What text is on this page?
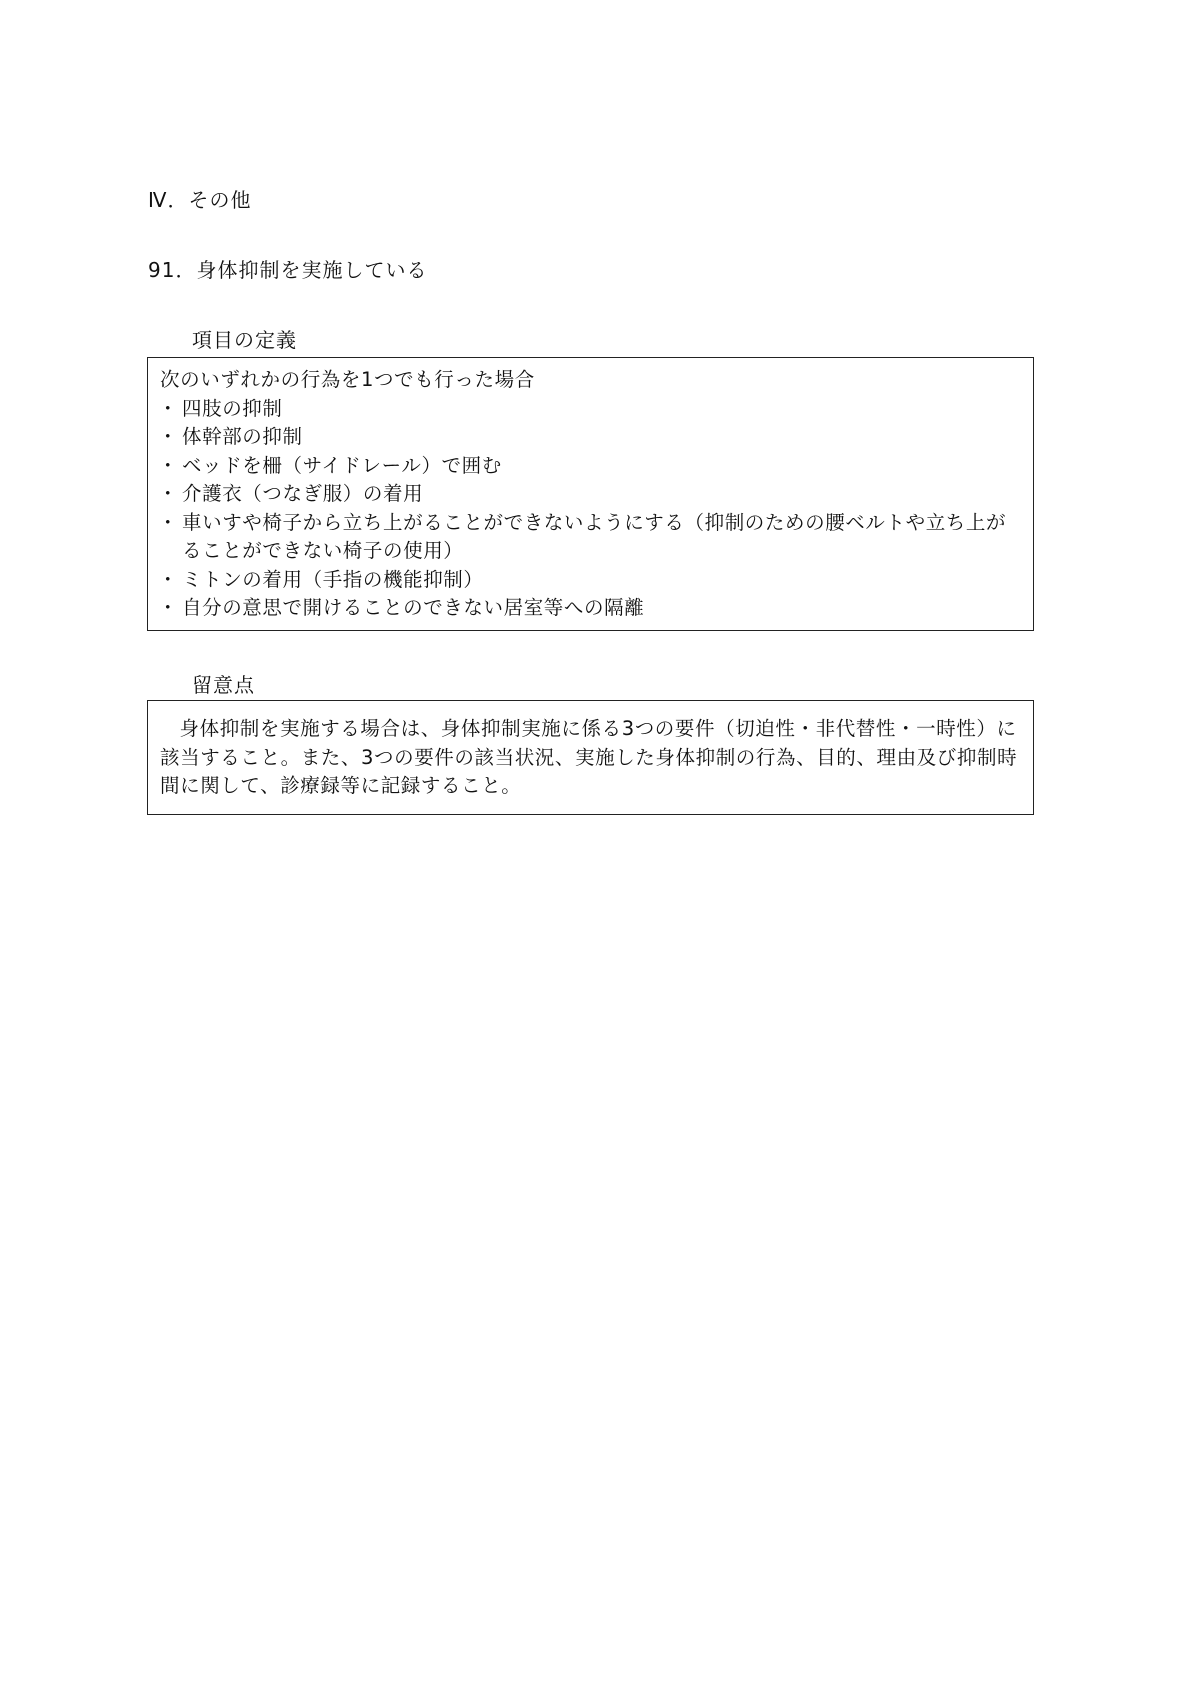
Ⅳ．その他
91．身体抑制を実施している
項目の定義
次のいずれかの行為を1つでも行った場合
・ 四肢の抑制
・ 体幹部の抑制
・ ベッドを柵（サイドレール）で囲む
・ 介護衣（つなぎ服）の着用
・ 車いすや椅子から立ち上がることができないようにする（抑制のための腰ベルトや立ち上がることができない椅子の使用）
・ ミトンの着用（手指の機能抑制）
・ 自分の意思で開けることのできない居室等への隔離
留意点

身体抑制を実施する場合は、身体抑制実施に係る3つの要件（切迫性・非代替性・一時性）に該当すること。また、3つの要件の該当状況、実施した身体抑制の行為、目的、理由及び抑制時間に関して、診療録等に記録すること。
